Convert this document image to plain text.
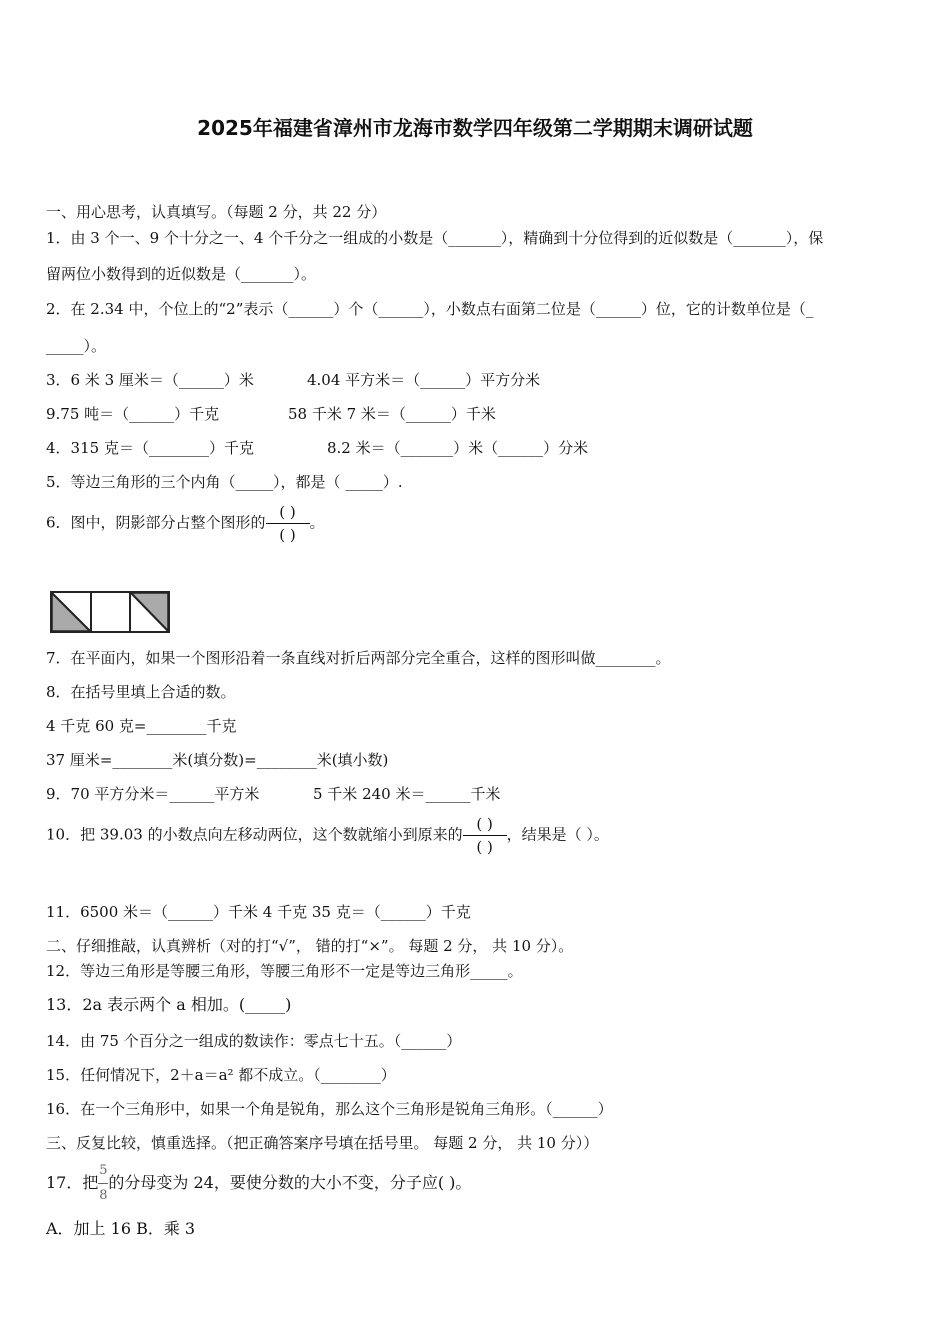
2025年福建省漳州市龙海市数学四年级第二学期期末调研试题
一、用心思考，认真填写。（每题 2 分，共 22 分）
1．由 3 个一、9 个十分之一、4 个千分之一组成的小数是（_______），精确到十分位得到的近似数是（_______），保
留两位小数得到的近似数是（_______）。
2．在 2.34 中，个位上的“2”表示（______）个（______），小数点右面第二位是（______）位，它的计数单位是（_
_____）。
3．6 米 3 厘米＝（______）米	4.04 平方米＝（______）平方分米
9.75 吨＝（______）千克	58 千米 7 米＝（______）千米
4．315 克＝（________）千克	8.2 米＝（_______）米（______）分米
5．等边三角形的三个内角（_____），都是（ _____）.
6．图中，阴影部分占整个图形的 $\frac{( )}{( )}$ 。
7．在平面内，如果一个图形沿着一条直线对折后两部分完全重合，这样的图形叫做________。
8．在括号里填上合适的数。
4 千克 60 克=________千克
37 厘米=________米(填分数)=________米(填小数)
9．70 平方分米＝______平方米	5 千米 240 米＝______千米
10．把 39.03 的小数点向左移动两位，这个数就缩小到原来的 $\frac{( )}{( )}$ ，结果是（ ）。
11．6500 米＝（______）千米 4 千克 35 克＝（______）千克
二、仔细推敲，认真辨析（对的打“√”， 错的打“×”。 每题 2 分， 共 10 分）。
12．等边三角形是等腰三角形，等腰三角形不一定是等边三角形_____。
13．2a 表示两个 a 相加。(_____)
14．由 75 个百分之一组成的数读作：零点七十五。（______）
15．任何情况下，2＋a＝a² 都不成立。（________）
16．在一个三角形中，如果一个角是锐角，那么这个三角形是锐角三角形。（______）
三、反复比较，慎重选择。（把正确答案序号填在括号里。 每题 2 分， 共 10 分））
17．把$\frac{5}{8}$的分母变为 24，要使分数的大小不变，分子应( )。
A．加上 16 B．乘 3
